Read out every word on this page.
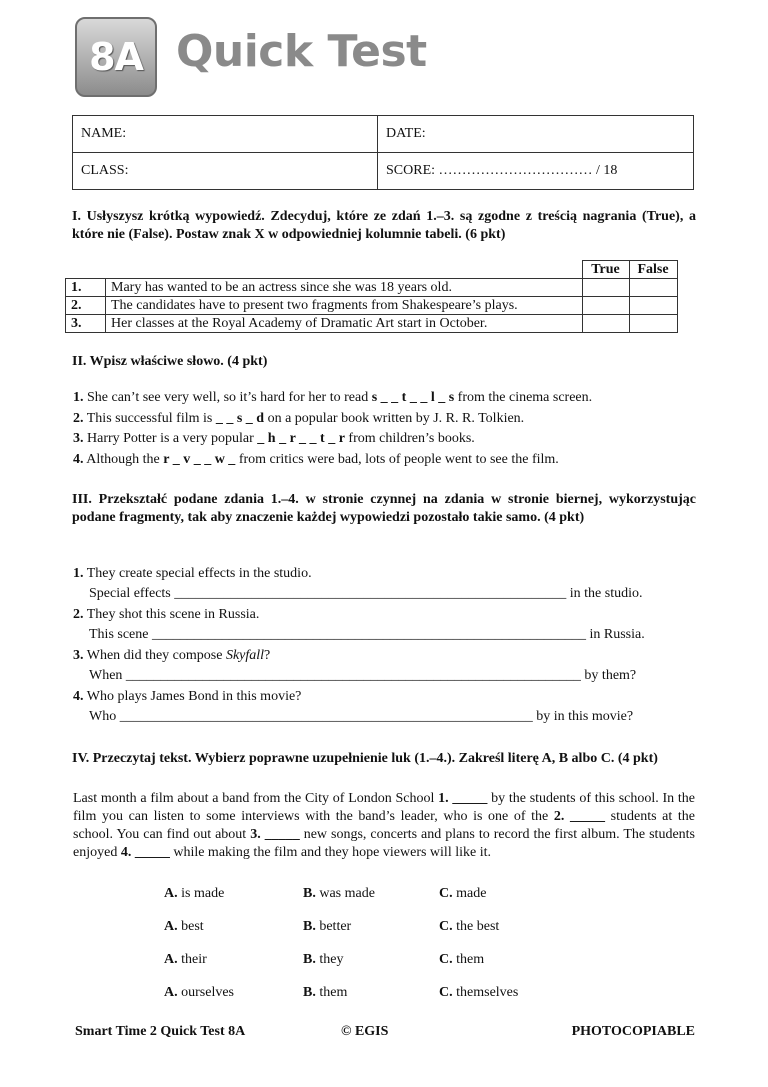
8A Quick Test
NAME:	DATE:
CLASS:	SCORE: …………………………… / 18
I. Usłyszysz krótką wypowiedź. Zdecyduj, które ze zdań 1.–3. są zgodne z treścią nagrania (True), a które nie (False). Postaw znak X w odpowiedniej kolumnie tabeli. (6 pkt)
		True	False
1.	Mary has wanted to be an actress since she was 18 years old.		
2.	The candidates have to present two fragments from Shakespeare’s plays.		
3.	Her classes at the Royal Academy of Dramatic Art start in October.		
II. Wpisz właściwe słowo. (4 pkt)
1. She can’t see very well, so it’s hard for her to read s _ _ t _ _ l _ s from the cinema screen.
2. This successful film is _ _ s _ d on a popular book written by J. R. R. Tolkien.
3. Harry Potter is a very popular _ h _ r _ _ t _ r from children’s books.
4. Although the r _ v _ _ w _ from critics were bad, lots of people went to see the film.
III. Przekształć podane zdania 1.–4. w stronie czynnej na zdania w stronie biernej, wykorzystując podane fragmenty, tak aby znaczenie każdej wypowiedzi pozostało takie samo. (4 pkt)
1. They create special effects in the studio.
Special effects ________________________________________________________ in the studio.
2. They shot this scene in Russia.
This scene ______________________________________________________________ in Russia.
3. When did they compose Skyfall?
When _________________________________________________________________ by them?
4. Who plays James Bond in this movie?
Who ___________________________________________________________ by in this movie?
IV. Przeczytaj tekst. Wybierz poprawne uzupełnienie luk (1.–4.). Zakreśl literę A, B albo C. (4 pkt)
Last month a film about a band from the City of London School 1. _____ by the students of this school. In the film you can listen to some interviews with the band’s leader, who is one of the 2. _____ students at the school. You can find out about 3. _____ new songs, concerts and plans to record the first album. The students enjoyed 4. _____ while making the film and they hope viewers will like it.
A. is made	B. was made	C. made
A. best	B. better	C. the best
A. their	B. they	C. them
A. ourselves	B. them	C. themselves
Smart Time 2 Quick Test 8A	© EGIS	PHOTOCOPIABLE
